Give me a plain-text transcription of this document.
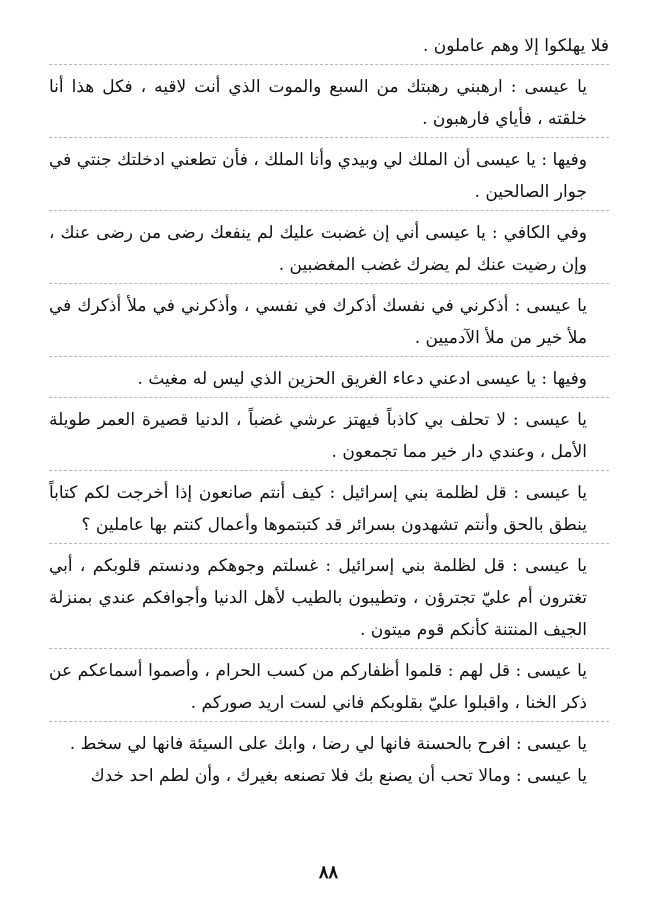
فلا يهلكوا إلا وهم عاملون .

يا عيسى : ارهبني رهبتك من السبع والموت الذي أنت لاقيه ، فكل هذا أنا خلقته ، فأياي فارهبون .

وفيها : يا عيسى أن الملك لي وبيدي وأنا الملك ، فأن تطعني ادخلتك جنتي في جوار الصالحين .

وفي الكافي : يا عيسى أني إن غضبت عليك لم ينفعك رضى من رضى عنك ، وإن رضيت عنك لم يضرك غضب المغضبين .

يا عيسى : أذكرني في نفسك أذكرك في نفسي ، وأذكرني في ملأ أذكرك في ملأ خير من ملأ الآدميين .

وفيها : يا عيسى ادعني دعاء الغريق الحزين الذي ليس له مغيث .

يا عيسى : لا تحلف بي كاذباً فيهتز عرشي غضباً ، الدنيا قصيرة العمر طويلة الأمل ، وعندي دار خير مما تجمعون .

يا عيسى : قل لظلمة بني إسرائيل : كيف أنتم صانعون إذا أخرجت لكم كتاباً ينطق بالحق وأنتم تشهدون بسرائر قد كتبتموها وأعمال كنتم بها عاملين ؟

يا عيسى : قل لظلمة بني إسرائيل : غسلتم وجوهكم ودنستم قلوبكم ، أبي تغترون أم عليّ تجترؤن ، وتطيبون بالطيب لأهل الدنيا وأجوافكم عندي بمنزلة الجيف المنتنة كأنكم قوم ميتون .

يا عيسى : قل لهم : قلموا أظفاركم من كسب الحرام ، وأصموا أسماعكم عن ذكر الخنا ، واقبلوا عليّ بقلوبكم فاني لست اريد صوركم .

يا عيسى : افرح بالحسنة فانها لي رضا ، وابك على السيئة فانها لي سخط .

يا عيسى : ومالا تحب أن يصنع بك فلا تصنعه بغيرك ، وأن لطم احد خدك

٨٨
